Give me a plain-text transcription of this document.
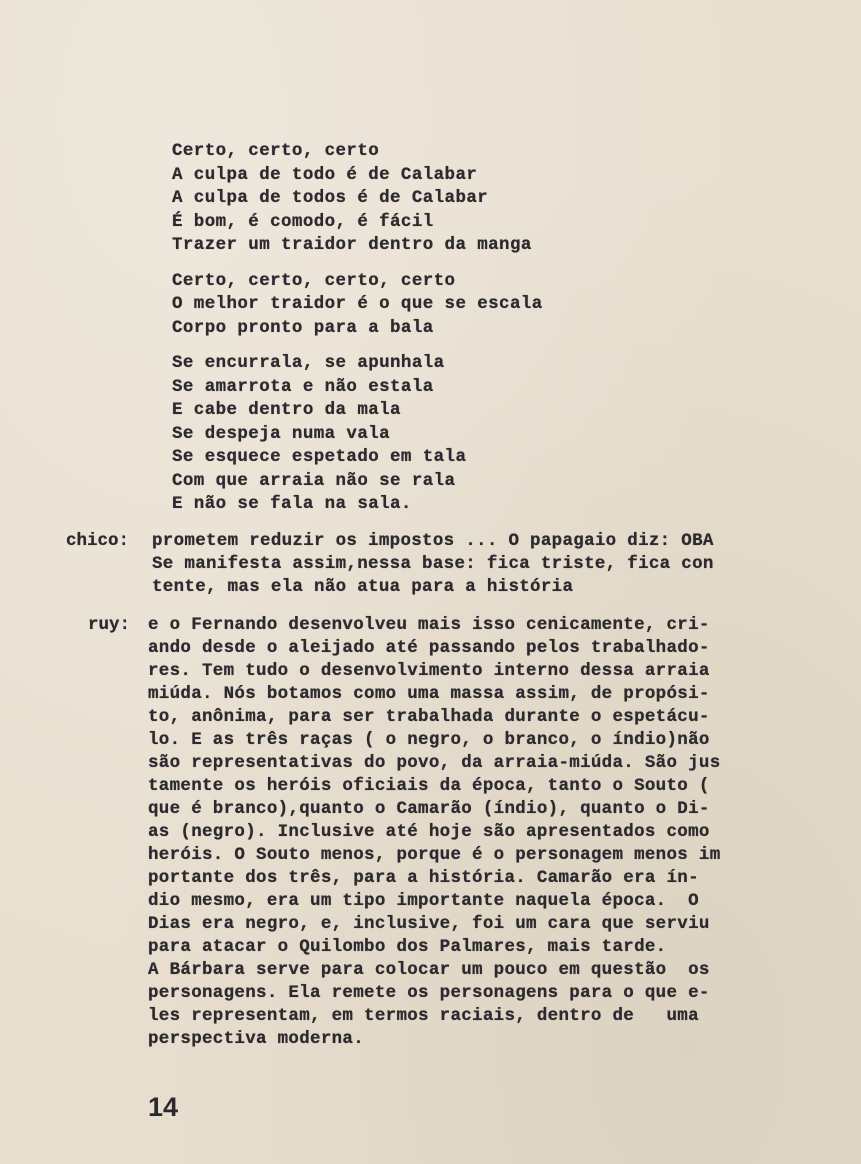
Certo, certo, certo
A culpa de todo é de Calabar
A culpa de todos é de Calabar
É bom, é comodo, é fácil
Trazer um traidor dentro da manga
Certo, certo, certo, certo
O melhor traidor é o que se escala
Corpo pronto para a bala
Se encurrala, se apunhala
Se amarrota e não estala
E cabe dentro da mala
Se despeja numa vala
Se esquece espetado em tala
Com que arraia não se rala
E não se fala na sala.
chico: prometem reduzir os impostos ... O papagaio diz: OBA
Se manifesta assim,nessa base: fica triste, fica con
tente, mas ela não atua para a história
ruy: e o Fernando desenvolveu mais isso cenicamente, cri-
ando desde o aleijado até passando pelos trabalhado-
res. Tem tudo o desenvolvimento interno dessa arraia
miúda. Nós botamos como uma massa assim, de propósi-
to, anônima, para ser trabalhada durante o espetácu-
lo. E as três raças ( o negro, o branco, o índio)não
são representativas do povo, da arraia-miúda. São jus
tamente os heróis oficiais da época, tanto o Souto (
que é branco),quanto o Camarão (índio), quanto o Di-
as (negro). Inclusive até hoje são apresentados como
heróis. O Souto menos, porque é o personagem menos im
portante dos três, para a história. Camarão era ín-
dio mesmo, era um tipo importante naquela época.  O
Dias era negro, e, inclusive, foi um cara que serviu
para atacar o Quilombo dos Palmares, mais tarde.
A Bárbara serve para colocar um pouco em questão  os
personagens. Ela remete os personagens para o que e-
les representam, em termos raciais, dentro de   uma
perspectiva moderna.
14
